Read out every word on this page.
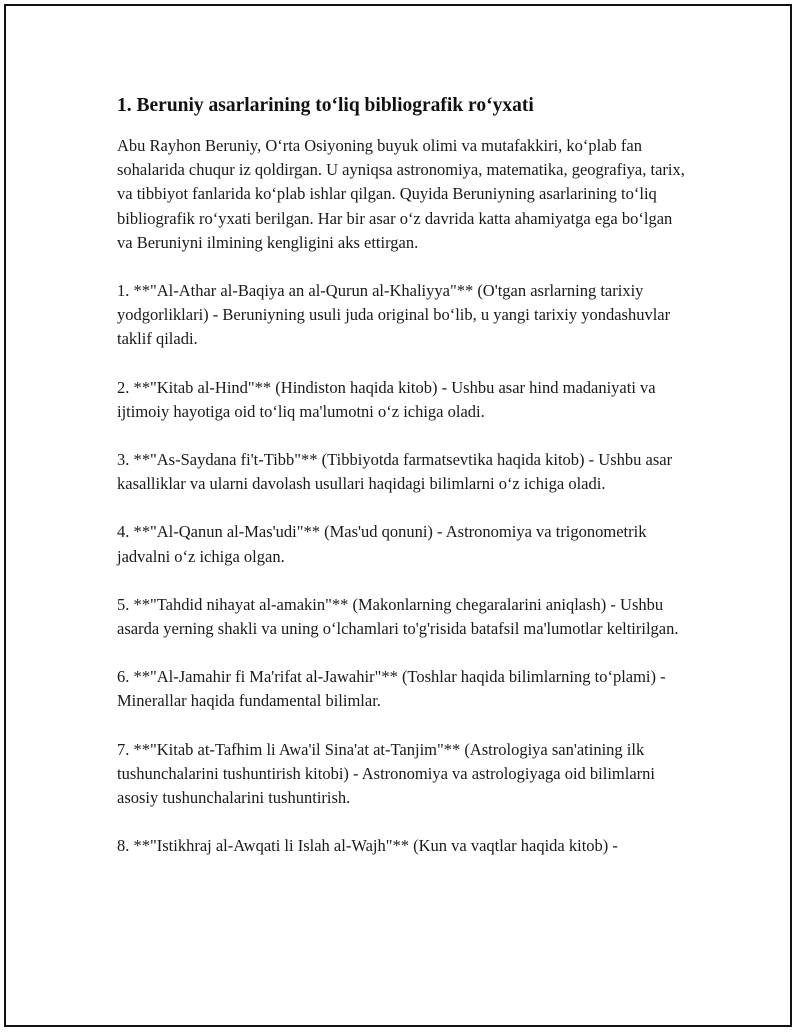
1. Beruniy asarlarining to‘liq bibliografik ro‘yxati

Abu Rayhon Beruniy, O‘rta Osiyoning buyuk olimi va mutafakkiri, ko‘plab fan sohalarida chuqur iz qoldirgan. U ayniqsa astronomiya, matematika, geografiya, tarix, va tibbiyot fanlarida ko‘plab ishlar qilgan. Quyida Beruniyning asarlarining to‘liq bibliografik ro‘yxati berilgan. Har bir asar o‘z davrida katta ahamiyatga ega bo‘lgan va Beruniyni ilmining kengligini aks ettirgan.

1. **"Al-Athar al-Baqiya an al-Qurun al-Khaliyya"** (O'tgan asrlarning tarixiy yodgorliklari) - Beruniyning usuli juda original bo‘lib, u yangi tarixiy yondashuvlar taklif qiladi.

2. **"Kitab al-Hind"** (Hindiston haqida kitob) - Ushbu asar hind madaniyati va ijtimoiy hayotiga oid to‘liq ma'lumotni o‘z ichiga oladi.

3. **"As-Saydana fi't-Tibb"** (Tibbiyotda farmatsevtika haqida kitob) - Ushbu asar kasalliklar va ularni davolash usullari haqidagi bilimlarni o‘z ichiga oladi.

4. **"Al-Qanun al-Mas'udi"** (Mas'ud qonuni) - Astronomiya va trigonometrik jadvalni o‘z ichiga olgan.

5. **"Tahdid nihayat al-amakin"** (Makonlarning chegaralarini aniqlash) - Ushbu asarda yerning shakli va uning o‘lchamlari to'g'risida batafsil ma'lumotlar keltirilgan.

6. **"Al-Jamahir fi Ma'rifat al-Jawahir"** (Toshlar haqida bilimlarning to‘plami) - Minerallar haqida fundamental bilimlar.

7. **"Kitab at-Tafhim li Awa'il Sina'at at-Tanjim"** (Astrologiya san'atining ilk tushunchalarini tushuntirish kitobi) - Astronomiya va astrologiyaga oid bilimlarni asosiy tushunchalarini tushuntirish.

8. **"Istikhraj al-Awqati li Islah al-Wajh"** (Kun va vaqtlar haqida kitob) -
